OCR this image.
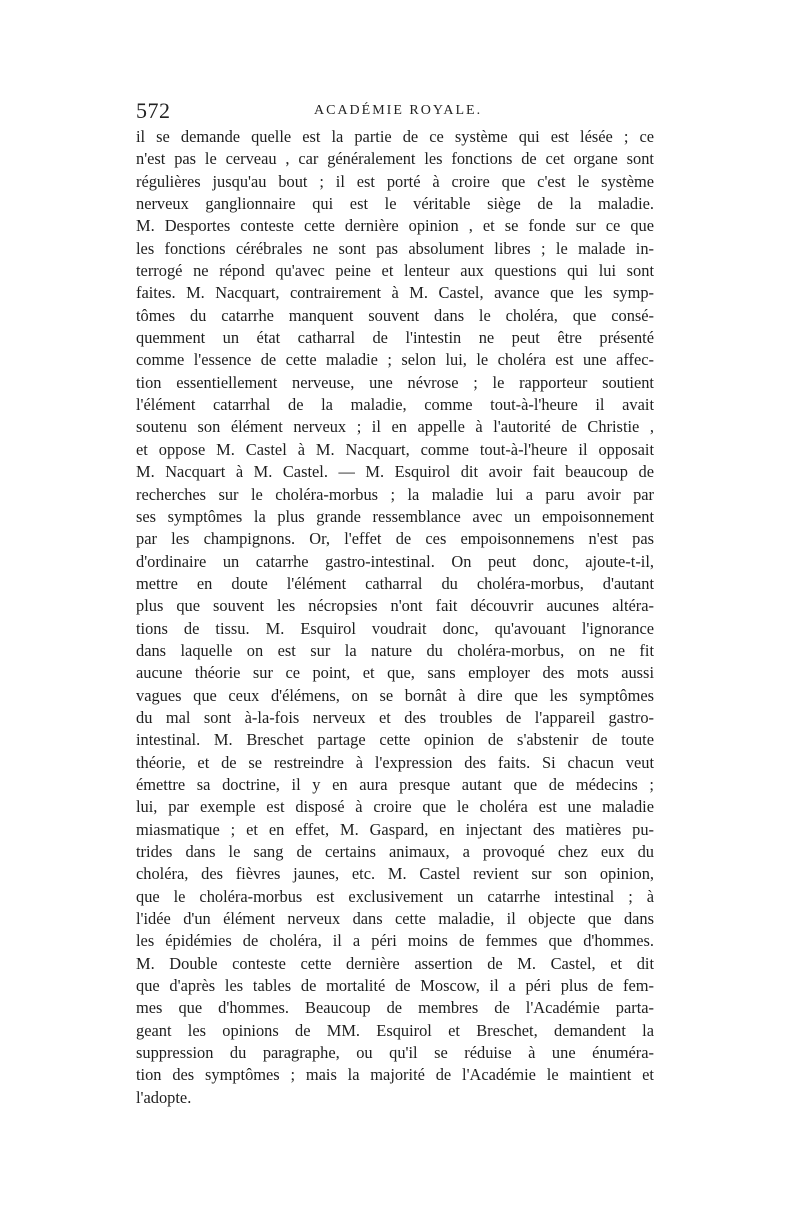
572	ACADÉMIE ROYALE.
il se demande quelle est la partie de ce système qui est lésée ; ce
n'est pas le cerveau , car généralement les fonctions de cet organe sont
régulières jusqu'au bout ; il est porté à croire que c'est le système
nerveux ganglionnaire qui est le véritable siège de la maladie.
M. Desportes conteste cette dernière opinion , et se fonde sur ce que
les fonctions cérébrales ne sont pas absolument libres ; le malade in-
terrogé ne répond qu'avec peine et lenteur aux questions qui lui sont
faites. M. Nacquart, contrairement à M. Castel, avance que les symp-
tômes du catarrhe manquent souvent dans le choléra, que consé-
quemment un état catharral de l'intestin ne peut être présenté
comme l'essence de cette maladie ; selon lui, le choléra est une affec-
tion essentiellement nerveuse, une névrose ; le rapporteur soutient
l'élément catarrhal de la maladie, comme tout-à-l'heure il avait
soutenu son élément nerveux ; il en appelle à l'autorité de Christie ,
et oppose M. Castel à M. Nacquart, comme tout-à-l'heure il opposait
M. Nacquart à M. Castel. — M. Esquirol dit avoir fait beaucoup de
recherches sur le choléra-morbus ; la maladie lui a paru avoir par
ses symptômes la plus grande ressemblance avec un empoisonnement
par les champignons. Or, l'effet de ces empoisonnemens n'est pas
d'ordinaire un catarrhe gastro-intestinal. On peut donc, ajoute-t-il,
mettre en doute l'élément catharral du choléra-morbus, d'autant
plus que souvent les nécropsies n'ont fait découvrir aucunes altéra-
tions de tissu. M. Esquirol voudrait donc, qu'avouant l'ignorance
dans laquelle on est sur la nature du choléra-morbus, on ne fit
aucune théorie sur ce point, et que, sans employer des mots aussi
vagues que ceux d'élémens, on se bornât à dire que les symptômes
du mal sont à-la-fois nerveux et des troubles de l'appareil gastro-
intestinal. M. Breschet partage cette opinion de s'abstenir de toute
théorie, et de se restreindre à l'expression des faits. Si chacun veut
émettre sa doctrine, il y en aura presque autant que de médecins ;
lui, par exemple est disposé à croire que le choléra est une maladie
miasmatique ; et en effet, M. Gaspard, en injectant des matières pu-
trides dans le sang de certains animaux, a provoqué chez eux du
choléra, des fièvres jaunes, etc. M. Castel revient sur son opinion,
que le choléra-morbus est exclusivement un catarrhe intestinal ; à
l'idée d'un élément nerveux dans cette maladie, il objecte que dans
les épidémies de choléra, il a péri moins de femmes que d'hommes.
M. Double conteste cette dernière assertion de M. Castel, et dit
que d'après les tables de mortalité de Moscow, il a péri plus de fem-
mes que d'hommes. Beaucoup de membres de l'Académie parta-
geant les opinions de MM. Esquirol et Breschet, demandent la
suppression du paragraphe, ou qu'il se réduise à une énuméra-
tion des symptômes ; mais la majorité de l'Académie le maintient et
l'adopte.
